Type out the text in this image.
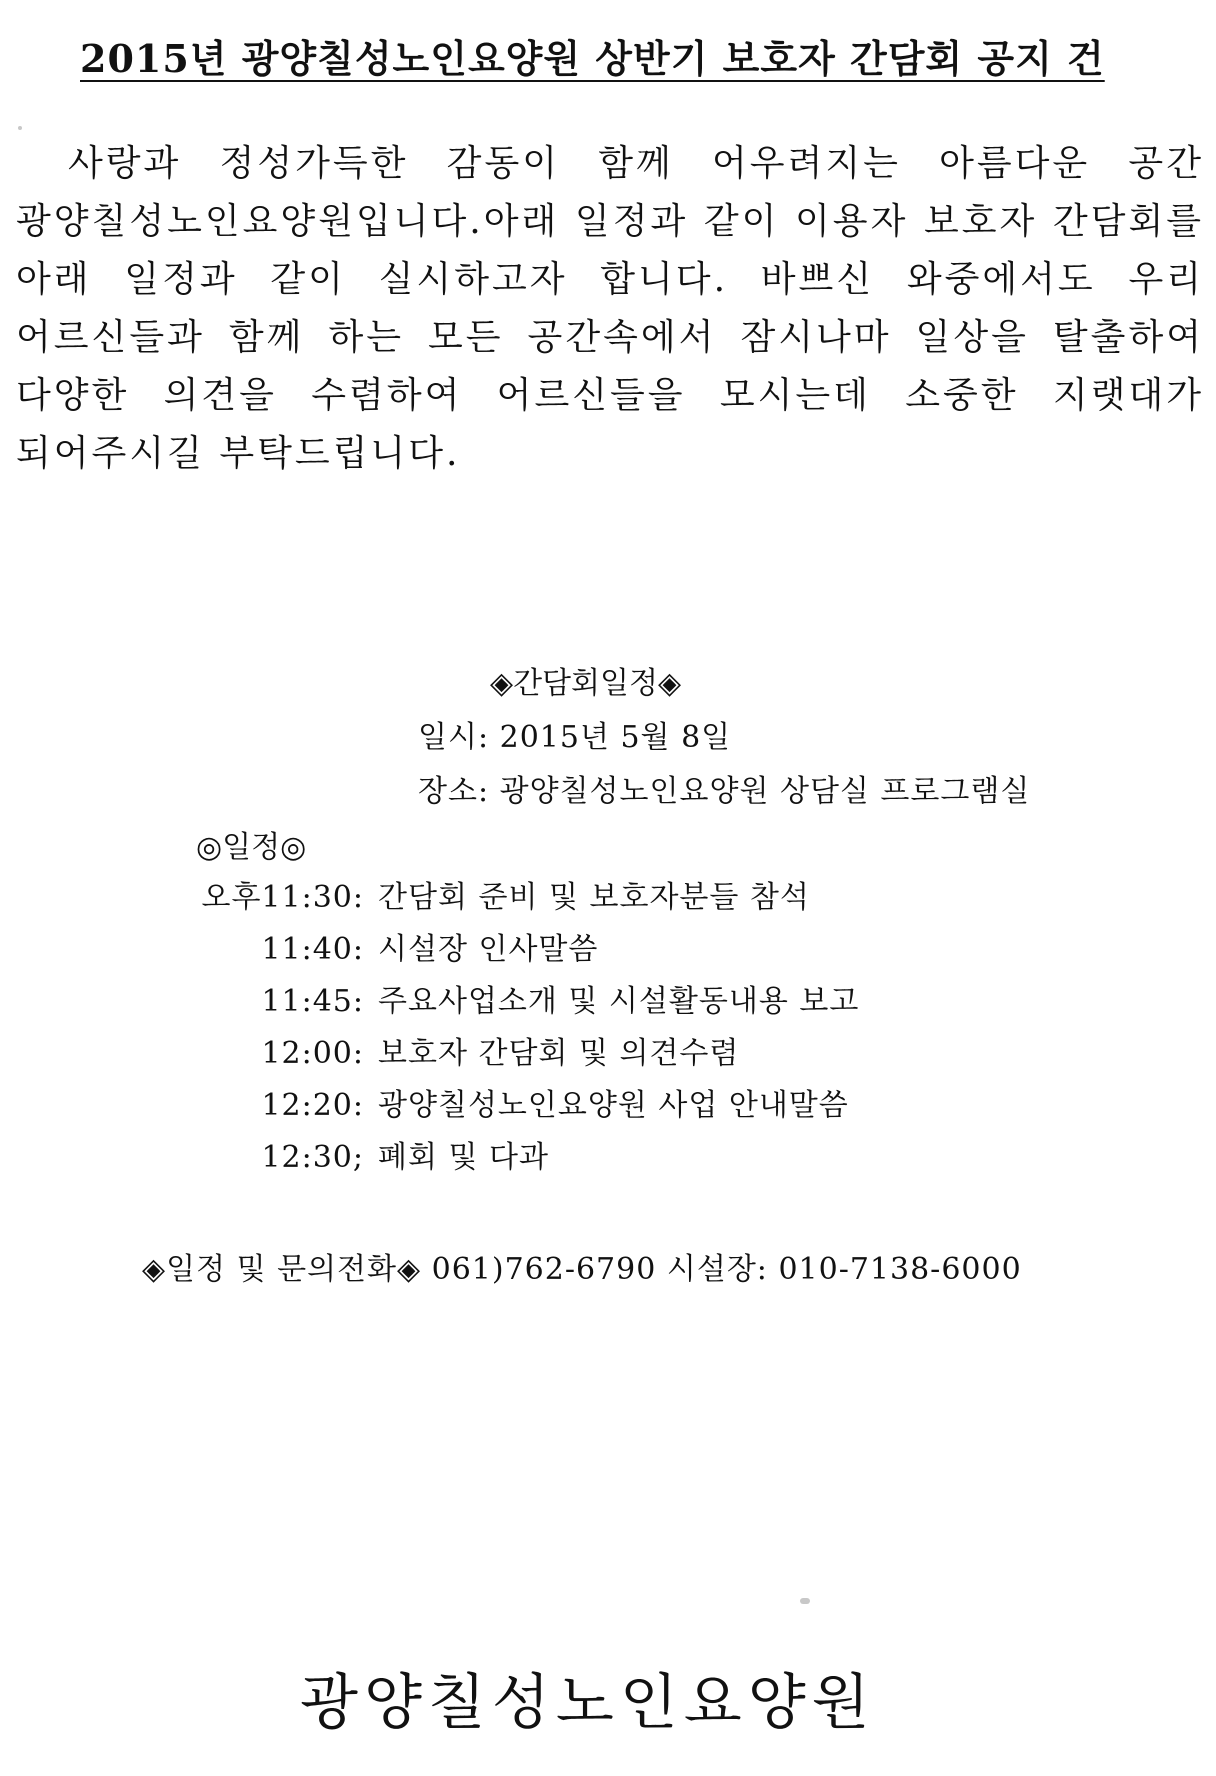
2015년 광양칠성노인요양원 상반기 보호자 간담회 공지 건
사랑과 정성가득한 감동이 함께 어우려지는 아름다운 공간 광양칠성노인요양원입니다.아래 일정과 같이 이용자 보호자 간담회를 아래 일정과 같이 실시하고자 합니다. 바쁘신 와중에서도 우리 어르신들과 함께 하는 모든 공간속에서 잠시나마 일상을 탈출하여 다양한 의견을 수렴하여 어르신들을 모시는데 소중한 지랫대가 되어주시길 부탁드립니다.
◈간담회일정◈
일시: 2015년 5월 8일
장소: 광양칠성노인요양원 상담실 프로그램실
◎일정◎
오후11:30: 간담회 준비 및 보호자분들 참석
11:40: 시설장 인사말씀
11:45: 주요사업소개 및 시설활동내용 보고
12:00: 보호자 간담회 및 의견수렴
12:20: 광양칠성노인요양원 사업 안내말씀
12:30; 폐회 및 다과
◈일정 및 문의전화◈ 061)762-6790 시설장: 010-7138-6000
광양칠성노인요양원
